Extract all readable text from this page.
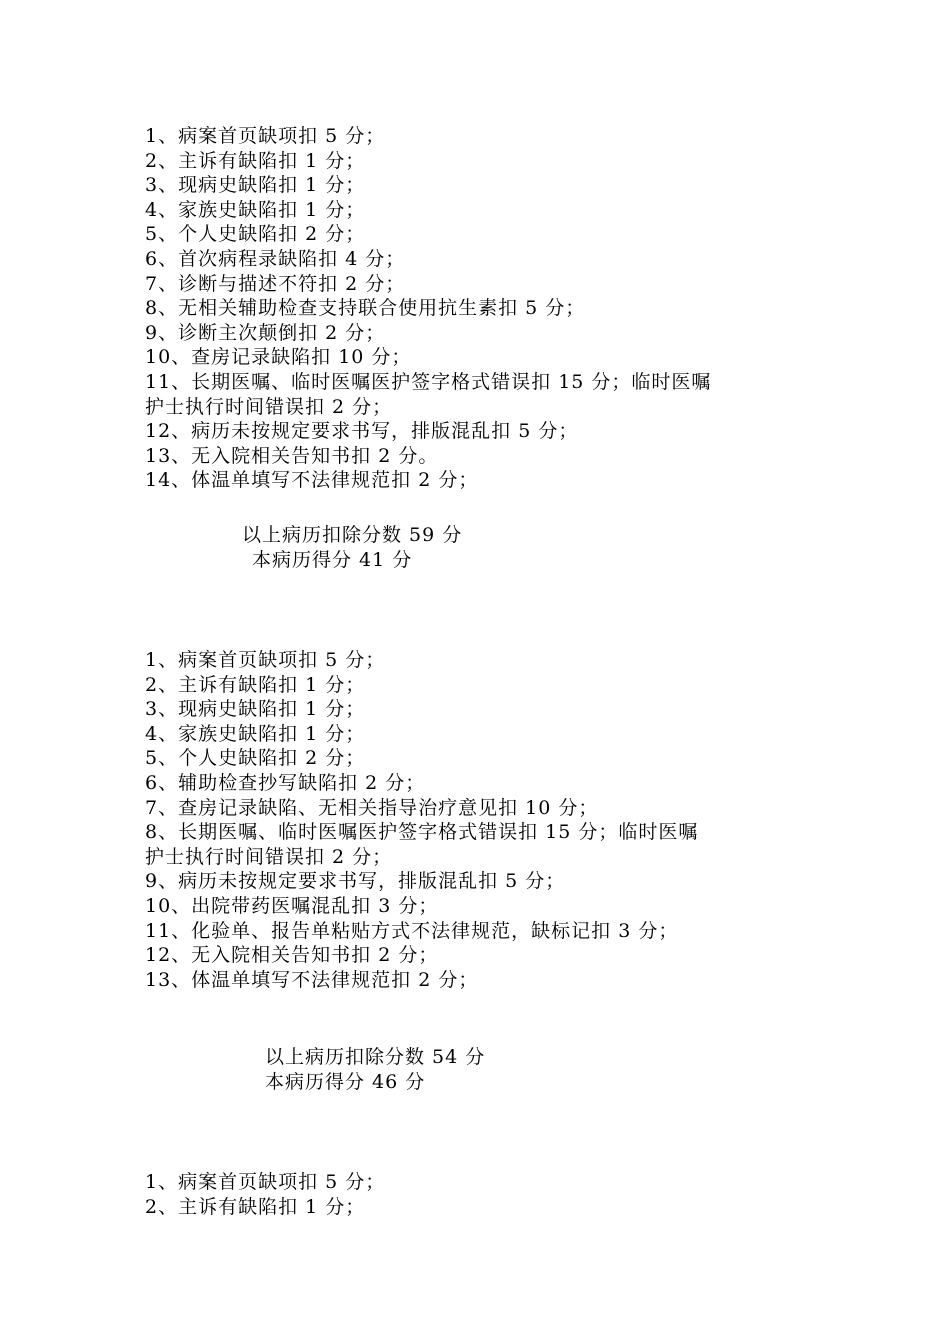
1、病案首页缺项扣 5 分；
2、主诉有缺陷扣 1 分；
3、现病史缺陷扣 1 分；
4、家族史缺陷扣 1 分；
5、个人史缺陷扣 2 分；
6、首次病程录缺陷扣 4 分；
7、诊断与描述不符扣 2 分；
8、无相关辅助检查支持联合使用抗生素扣 5 分；
9、诊断主次颠倒扣 2 分；
10、查房记录缺陷扣 10 分；
11、长期医嘱、临时医嘱医护签字格式错误扣 15 分；临时医嘱
护士执行时间错误扣 2 分；
12、病历未按规定要求书写，排版混乱扣 5 分；
13、无入院相关告知书扣 2 分。
14、体温单填写不法律规范扣 2 分；
以上病历扣除分数 59 分
本病历得分 41 分
1、病案首页缺项扣 5 分；
2、主诉有缺陷扣 1 分；
3、现病史缺陷扣 1 分；
4、家族史缺陷扣 1 分；
5、个人史缺陷扣 2 分；
6、辅助检查抄写缺陷扣 2 分；
7、查房记录缺陷、无相关指导治疗意见扣 10 分；
8、长期医嘱、临时医嘱医护签字格式错误扣 15 分；临时医嘱
护士执行时间错误扣 2 分；
9、病历未按规定要求书写，排版混乱扣 5 分；
10、出院带药医嘱混乱扣 3 分；
11、化验单、报告单粘贴方式不法律规范，缺标记扣 3 分；
12、无入院相关告知书扣 2 分；
13、体温单填写不法律规范扣 2 分；
以上病历扣除分数 54 分
本病历得分 46 分
1、病案首页缺项扣 5 分；
2、主诉有缺陷扣 1 分；
